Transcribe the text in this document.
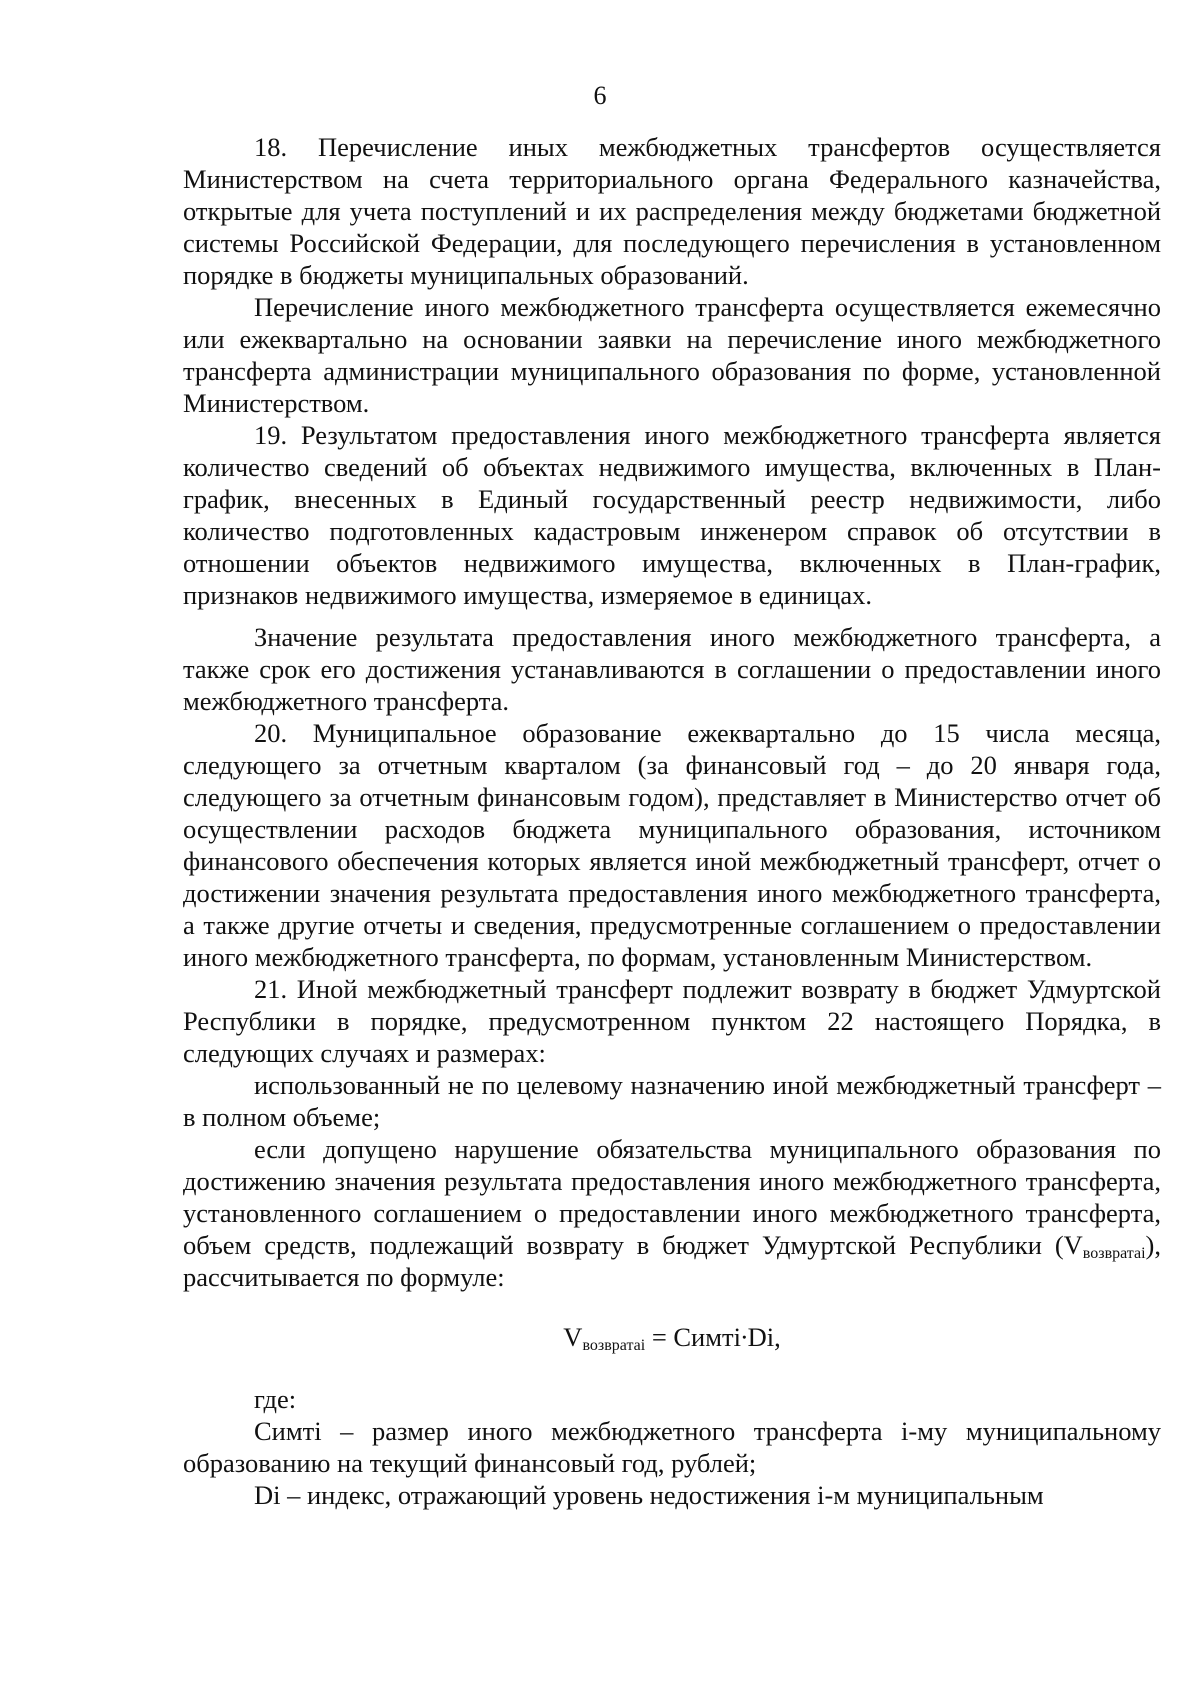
6

18. Перечисление иных межбюджетных трансфертов осуществляется Министерством на счета территориального органа Федерального казначейства, открытые для учета поступлений и их распределения между бюджетами бюджетной системы Российской Федерации, для последующего перечисления в установленном порядке в бюджеты муниципальных образований.

Перечисление иного межбюджетного трансферта осуществляется ежемесячно или ежеквартально на основании заявки на перечисление иного межбюджетного трансферта администрации муниципального образования по форме, установленной Министерством.

19. Результатом предоставления иного межбюджетного трансферта является количество сведений об объектах недвижимого имущества, включенных в План-график, внесенных в Единый государственный реестр недвижимости, либо количество подготовленных кадастровым инженером справок об отсутствии в отношении объектов недвижимого имущества, включенных в План-график, признаков недвижимого имущества, измеряемое в единицах.

Значение результата предоставления иного межбюджетного трансферта, а также срок его достижения устанавливаются в соглашении о предоставлении иного межбюджетного трансферта.

20. Муниципальное образование ежеквартально до 15 числа месяца, следующего за отчетным кварталом (за финансовый год – до 20 января года, следующего за отчетным финансовым годом), представляет в Министерство отчет об осуществлении расходов бюджета муниципального образования, источником финансового обеспечения которых является иной межбюджетный трансферт, отчет о достижении значения результата предоставления иного межбюджетного трансферта, а также другие отчеты и сведения, предусмотренные соглашением о предоставлении иного межбюджетного трансферта, по формам, установленным Министерством.

21. Иной межбюджетный трансферт подлежит возврату в бюджет Удмуртской Республики в порядке, предусмотренном пунктом 22 настоящего Порядка, в следующих случаях и размерах:

использованный не по целевому назначению иной межбюджетный трансферт – в полном объеме;

если допущено нарушение обязательства муниципального образования по достижению значения результата предоставления иного межбюджетного трансферта, установленного соглашением о предоставлении иного межбюджетного трансферта, объем средств, подлежащий возврату в бюджет Удмуртской Республики $(V_{возвратаi})$, рассчитывается по формуле:

$V_{возвратаi}$ = Симтi∙Di,

где:

Симтi – размер иного межбюджетного трансферта i-му муниципальному образованию на текущий финансовый год, рублей;

Di – индекс, отражающий уровень недостижения i-м муниципальным
